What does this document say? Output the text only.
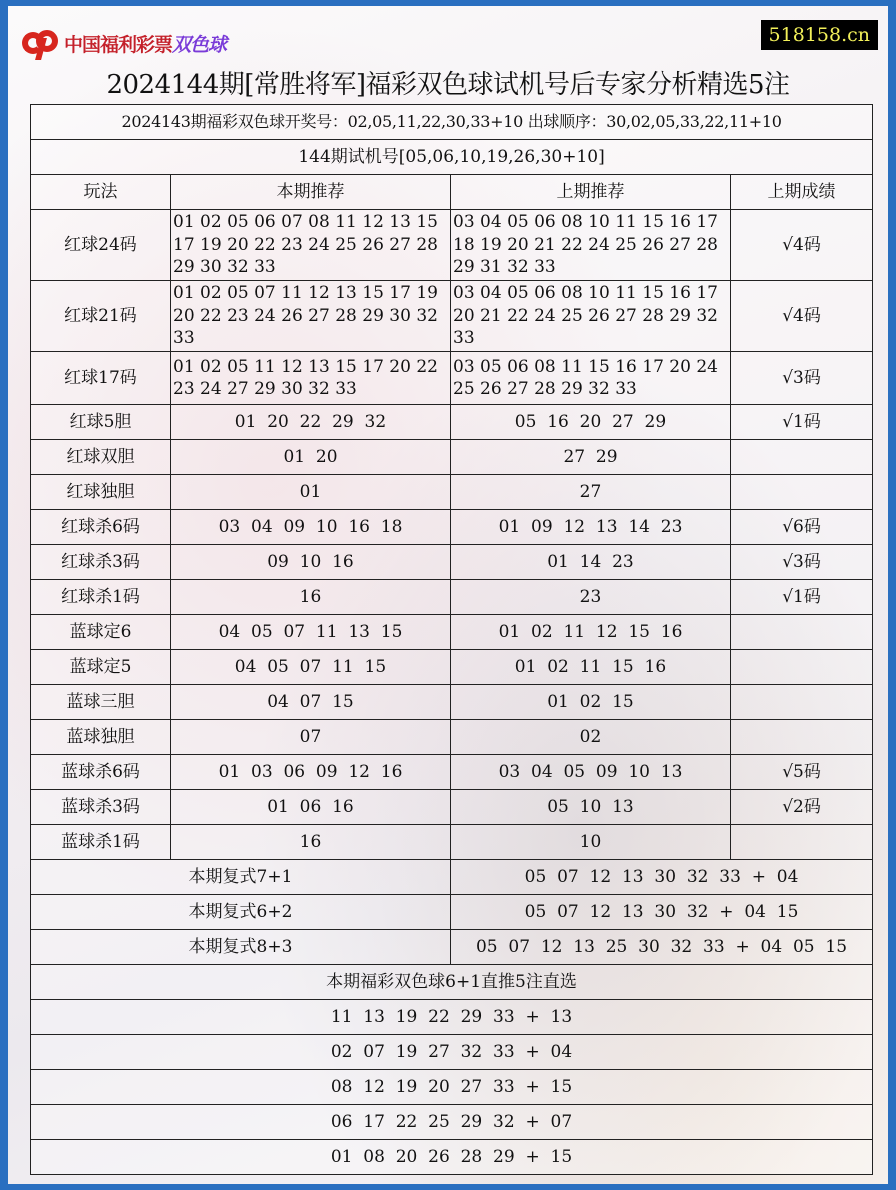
中国福利彩票 双色球	518158.cn
2024144期[常胜将军]福彩双色球试机号后专家分析精选5注
2024143期福彩双色球开奖号：02,05,11,22,30,33+10 出球顺序：30,02,05,33,22,11+10			
144期试机号[05,06,10,19,26,30+10]			
玩法	本期推荐	上期推荐	上期成绩
红球24码	01 02 05 06 07 08 11 12 13 15 17 19 20 22 23 24 25 26 27 28 29 30 32 33	03 04 05 06 08 10 11 15 16 17 18 19 20 21 22 24 25 26 27 28 29 31 32 33	√4码
红球21码	01 02 05 07 11 12 13 15 17 19 20 22 23 24 26 27 28 29 30 32 33	03 04 05 06 08 10 11 15 16 17 20 21 22 24 25 26 27 28 29 32 33	√4码
红球17码	01 02 05 11 12 13 15 17 20 22 23 24 27 29 30 32 33	03 05 06 08 11 15 16 17 20 24 25 26 27 28 29 32 33	√3码
红球5胆	01  20  22  29  32	05  16  20  27  29	√1码
红球双胆	01  20	27  29	
红球独胆	01	27	
红球杀6码	03  04  09  10  16  18	01  09  12  13  14  23	√6码
红球杀3码	09  10  16	01  14  23	√3码
红球杀1码	16	23	√1码
蓝球定6	04  05  07  11  13  15	01  02  11  12  15  16	
蓝球定5	04  05  07  11  15	01  02  11  15  16	
蓝球三胆	04  07  15	01  02  15	
蓝球独胆	07	02	
蓝球杀6码	01  03  06  09  12  16	03  04  05  09  10  13	√5码
蓝球杀3码	01  06  16	05  10  13	√2码
蓝球杀1码	16	10	
本期复式7+1		05  07  12  13  30  32  33  +  04	
本期复式6+2		05  07  12  13  30  32  +  04  15	
本期复式8+3		05  07  12  13  25  30  32  33  +  04  05  15	
本期福彩双色球6+1直推5注直选			
11  13  19  22  29  33  +  13			
02  07  19  27  32  33  +  04			
08  12  19  20  27  33  +  15			
06  17  22  25  29  32  +  07			
01  08  20  26  28  29  +  15			
